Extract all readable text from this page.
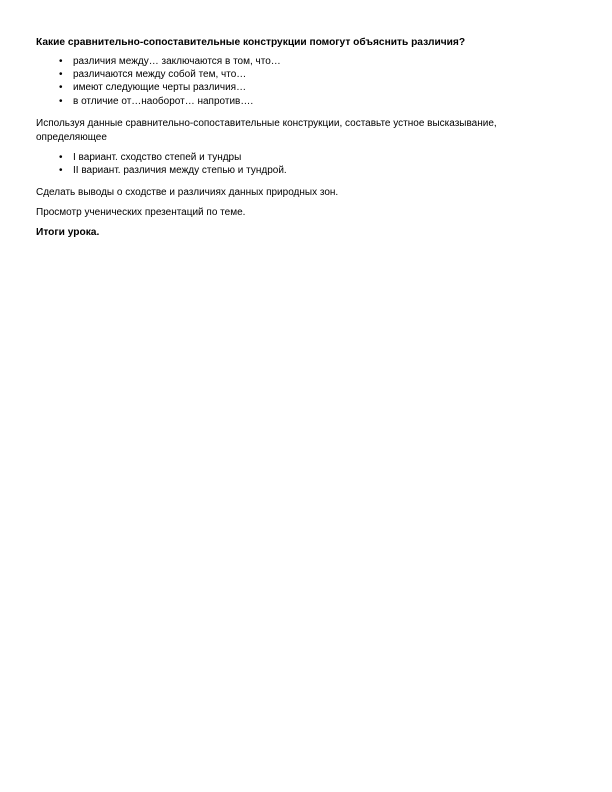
Какие сравнительно-сопоставительные конструкции помогут объяснить различия?

• различия между… заключаются в том, что…
• различаются между собой тем, что…
• имеют следующие черты различия…
• в отличие от…наоборот… напротив….

Используя данные сравнительно-сопоставительные конструкции, составьте устное высказывание,
определяющее

• I вариант. сходство степей и тундры
• II вариант. различия между степью и тундрой.

Сделать выводы о сходстве и различиях данных природных зон.

Просмотр ученических презентаций по теме.

Итоги урока.
